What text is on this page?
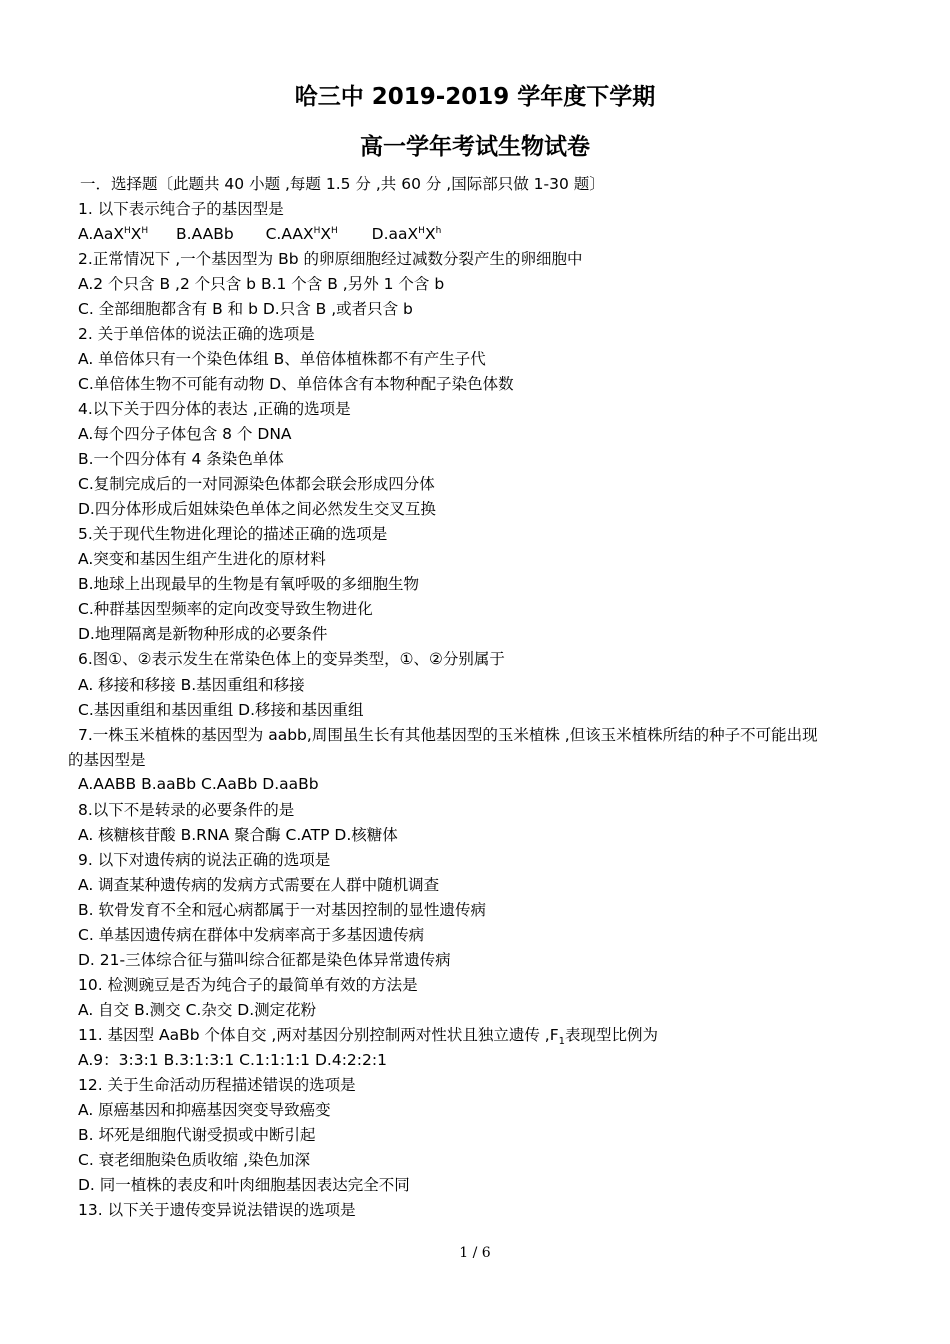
哈三中 2019-2019 学年度下学期
高一学年考试生物试卷
一．选择题〔此题共 40 小题 ,每题 1.5 分 ,共 60 分 ,国际部只做 1-30 题〕
1. 以下表示纯合子的基因型是
$A.AaX^HX^H$ B.AABb $C.AAX^HX^H$ $D.aaX^HX^h$
2.正常情况下 ,一个基因型为 Bb 的卵原细胞经过减数分裂产生的卵细胞中
A.2 个只含 B ,2 个只含 b B.1 个含 B ,另外 1 个含 b
C. 全部细胞都含有 B 和 b D.只含 B ,或者只含 b
2. 关于单倍体的说法正确的选项是
A. 单倍体只有一个染色体组 B、单倍体植株都不有产生子代
C.单倍体生物不可能有动物 D、单倍体含有本物种配子染色体数
4.以下关于四分体的表达 ,正确的选项是
A.每个四分子体包含 8 个 DNA
B.一个四分体有 4 条染色单体
C.复制完成后的一对同源染色体都会联会形成四分体
D.四分体形成后姐妹染色单体之间必然发生交叉互换
5.关于现代生物进化理论的描述正确的选项是
A.突变和基因生组产生进化的原材料
B.地球上出现最早的生物是有氧呼吸的多细胞生物
C.种群基因型频率的定向改变导致生物进化
D.地理隔离是新物种形成的必要条件
6.图①、②表示发生在常染色体上的变异类型，①、②分别属于
A. 移接和移接 B.基因重组和移接
C.基因重组和基因重组 D.移接和基因重组
7.一株玉米植株的基因型为 aabb,周围虽生长有其他基因型的玉米植株 ,但该玉米植株所结的种子不可能出现
的基因型是
A.AABB B.aaBb C.AaBb D.aaBb
8.以下不是转录的必要条件的是
A. 核糖核苷酸 B.RNA 聚合酶 C.ATP D.核糖体
9. 以下对遗传病的说法正确的选项是
A. 调查某种遗传病的发病方式需要在人群中随机调查
B. 软骨发育不全和冠心病都属于一对基因控制的显性遗传病
C. 单基因遗传病在群体中发病率高于多基因遗传病
D. 21-三体综合征与猫叫综合征都是染色体异常遗传病
10. 检测豌豆是否为纯合子的最简单有效的方法是
A. 自交 B.测交 C.杂交 D.测定花粉
11. 基因型 AaBb 个体自交 ,两对基因分别控制两对性状且独立遗传 $,F_1$表现型比例为
A.9：3:3:1 B.3:1:3:1 C.1:1:1:1 D.4:2:2:1
12. 关于生命活动历程描述错误的选项是
A. 原癌基因和抑癌基因突变导致癌变
B. 坏死是细胞代谢受损或中断引起
C. 衰老细胞染色质收缩 ,染色加深
D. 同一植株的表皮和叶肉细胞基因表达完全不同
13. 以下关于遗传变异说法错误的选项是
1 / 6
